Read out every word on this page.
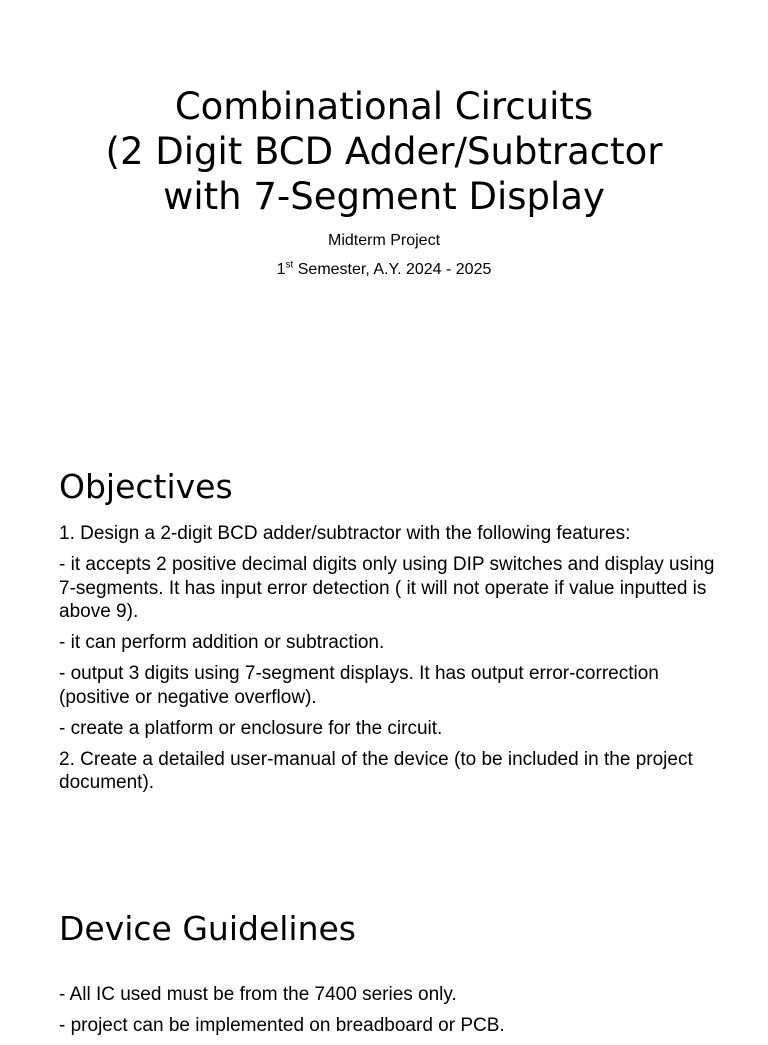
Combinational Circuits
(2 Digit BCD Adder/Subtractor
with 7-Segment Display

Midterm Project

1st Semester, A.Y. 2024 - 2025

Objectives
1. Design a 2-digit BCD adder/subtractor with the following features:
- it accepts 2 positive decimal digits only using DIP switches and display using 7-segments. It has input error detection ( it will not operate if value inputted is above 9).
- it can perform addition or subtraction.
- output 3 digits using 7-segment displays. It has output error-correction (positive or negative overflow).
- create a platform or enclosure for the circuit.
2. Create a detailed user-manual of the device (to be included in the project document).
Device Guidelines
- All IC used must be from the 7400 series only.
- project can be implemented on breadboard or PCB.
